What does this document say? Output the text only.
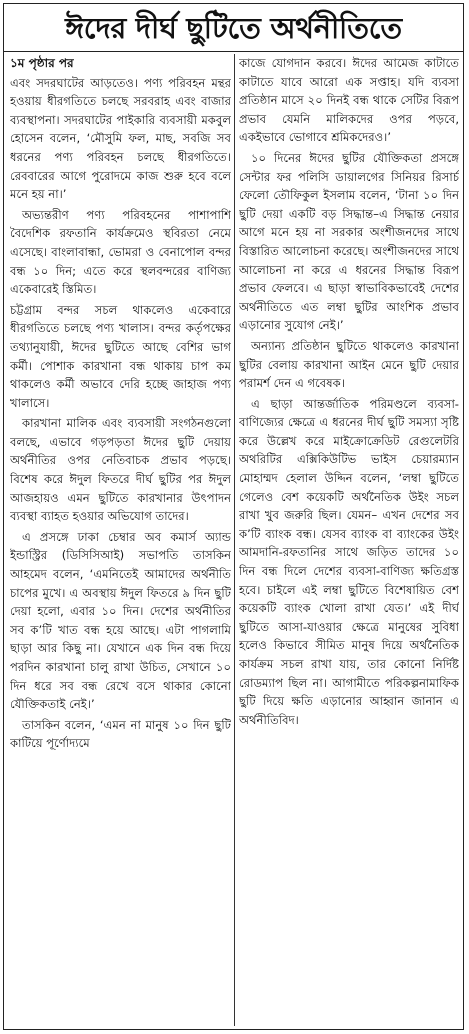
ঈদের দীর্ঘ ছুটিতে অর্থনীতিতে
১ম পৃষ্ঠার পর

এবং সদরঘাটের আড়তেও। পণ্য পরিবহন মন্থর হওয়ায় ধীরগতিতে চলছে সরবরাহ এবং বাজার ব্যবস্থাপনা। সদরঘাটের পাইকারি ব্যবসায়ী মকবুল হোসেন বলেন, ‘মৌসুমি ফল, মাছ, সবজি সব ধরনের পণ্য পরিবহন চলছে ধীরগতিতে। রেববারের আগে পুরোদমে কাজ শুরু হবে বলে মনে হয় না।’

অভ্যন্তরীণ পণ্য পরিবহনের পাশাপাশি বৈদেশিক রফতানি কার্যক্রমেও স্থবিরতা নেমে এসেছে। বাংলাবান্ধা, ভোমরা ও বেনাপোল বন্দর বন্ধ ১০ দিন; এতে করে স্থলবন্দরের বাণিজ্য একেবারেই স্তিমিত।

চট্টগ্রাম বন্দর সচল থাকলেও একেবারে ধীরগতিতে চলছে পণ্য খালাস। বন্দর কর্তৃপক্ষের তথ্যানুযায়ী, ঈদের ছুটিতে আছে বেশির ভাগ কর্মী। পোশাক কারখানা বন্ধ থাকায় চাপ কম থাকলেও কর্মী অভাবে দেরি হচ্ছে জাহাজ পণ্য খালাসে।

কারখানা মালিক এবং ব্যবসায়ী সংগঠনগুলো বলছে, এভাবে গড়পড়তা ঈদের ছুটি দেয়ায় অর্থনীতির ওপর নেতিবাচক প্রভাব পড়ছে। বিশেষ করে ঈদুল ফিতরে দীর্ঘ ছুটির পর ঈদুল আজহায়ও এমন ছুটিতে কারখানার উৎপাদন ব্যবস্থা ব্যাহত হওয়ার অভিযোগ তাদের।

এ প্রসঙ্গে ঢাকা চেম্বার অব কমার্স অ্যান্ড ইন্ডাস্ট্রির (ডিসিসিআই) সভাপতি তাসকিন আহমেদ বলেন, ‘এমনিতেই আমাদের অর্থনীতি চাপের মুখে। এ অবস্থায় ঈদুল ফিতরে ৯ দিন ছুটি দেয়া হলো, এবার ১০ দিন। দেশের অর্থনীতির সব ক’টি খাত বন্ধ হয়ে আছে। এটা পাগলামি ছাড়া আর কিছু না। যেখানে এক দিন বন্ধ দিয়ে পরদিন কারখানা চালু রাখা উচিত, সেখানে ১০ দিন ধরে সব বন্ধ রেখে বসে থাকার কোনো যৌক্তিকতাই নেই।’

তাসকিন বলেন, ‘এমন না মানুষ ১০ দিন ছুটি কাটিয়ে পূর্ণোদ্যমে

কাজে যোগদান করবে। ঈদের আমেজ কাটাতে কাটাতে যাবে আরো এক সপ্তাহ। যদি ব্যবসা প্রতিষ্ঠান মাসে ২০ দিনই বন্ধ থাকে সেটির বিরূপ প্রভাব যেমনি মালিকদের ওপর পড়বে, একইভাবে ভোগাবে শ্রমিকদেরও।’

১০ দিনের ঈদের ছুটির যৌক্তিকতা প্রসঙ্গে সেন্টার ফর পলিসি ডায়ালগের সিনিয়র রিসার্চ ফেলো তৌফিকুল ইসলাম বলেন, ‘টানা ১০ দিন ছুটি দেয়া একটি বড় সিদ্ধান্ত–এ সিদ্ধান্ত নেয়ার আগে মনে হয় না সরকার অংশীজনদের সাথে বিস্তারিত আলোচনা করেছে। অংশীজনদের সাথে আলোচনা না করে এ ধরনের সিদ্ধান্ত বিরূপ প্রভাব ফেলবে। এ ছাড়া স্বাভাবিকভাবেই দেশের অর্থনীতিতে এত লম্বা ছুটির আংশিক প্রভাব এড়ানোর সুযোগ নেই।’

অন্যান্য প্রতিষ্ঠান ছুটিতে থাকলেও কারখানা ছুটির বেলায় কারখানা আইন মেনে ছুটি দেয়ার পরামর্শ দেন এ গবেষক।

এ ছাড়া আন্তর্জাতিক পরিমণ্ডলে ব্যবসা-বাণিজ্যের ক্ষেত্রে এ ধরনের দীর্ঘ ছুটি সমস্যা সৃষ্টি করে উল্লেখ করে মাইক্রোক্রেডিট রেগুলেটরি অথরিটির এক্সিকিউটিভ ভাইস চেয়ারম্যান মোহাম্মদ হেলাল উদ্দিন বলেন, ‘লম্বা ছুটিতে গেলেও বেশ কয়েকটি অর্থনৈতিক উইং সচল রাখা খুব জরুরি ছিল। যেমন– এখন দেশের সব ক’টি ব্যাংক বন্ধ। যেসব ব্যাংক বা ব্যাংকের উইং আমদানি-রফতানির সাথে জড়িত তাদের ১০ দিন বন্ধ দিলে দেশের ব্যবসা-বাণিজ্য ক্ষতিগ্রস্ত হবে। চাইলে এই লম্বা ছুটিতে বিশেষায়িত বেশ কয়েকটি ব্যাংক খোলা রাখা যেত।’ এই দীর্ঘ ছুটিতে আসা-যাওয়ার ক্ষেত্রে মানুষের সুবিধা হলেও কিভাবে সীমিত মানুষ দিয়ে অর্থনৈতিক কার্যক্রম সচল রাখা যায়, তার কোনো নির্দিষ্ট রোডম্যাপ ছিল না। আগামীতে পরিকল্পনামাফিক ছুটি দিয়ে ক্ষতি এড়ানোর আহ্বান জানান এ অর্থনীতিবিদ।
